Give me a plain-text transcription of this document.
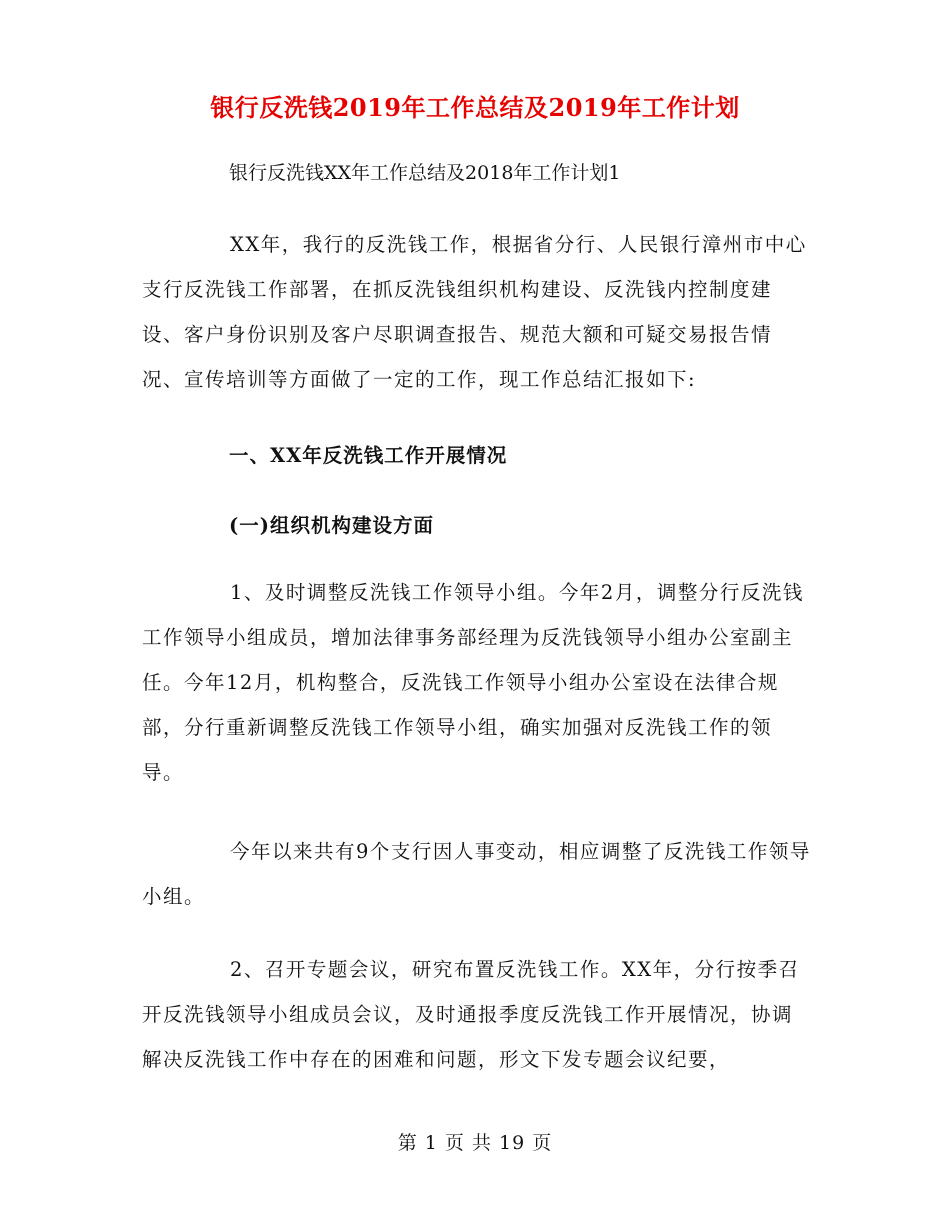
银行反洗钱2019年工作总结及2019年工作计划

银行反洗钱XX年工作总结及2018年工作计划1

XX年，我行的反洗钱工作，根据省分行、人民银行漳州市中心支行反洗钱工作部署，在抓反洗钱组织机构建设、反洗钱内控制度建设、客户身份识别及客户尽职调查报告、规范大额和可疑交易报告情况、宣传培训等方面做了一定的工作，现工作总结汇报如下:

一、XX年反洗钱工作开展情况

(一)组织机构建设方面

1、及时调整反洗钱工作领导小组。今年2月，调整分行反洗钱工作领导小组成员，增加法律事务部经理为反洗钱领导小组办公室副主任。今年12月，机构整合，反洗钱工作领导小组办公室设在法律合规部，分行重新调整反洗钱工作领导小组，确实加强对反洗钱工作的领导。

今年以来共有9个支行因人事变动，相应调整了反洗钱工作领导小组。

2、召开专题会议，研究布置反洗钱工作。XX年，分行按季召开反洗钱领导小组成员会议，及时通报季度反洗钱工作开展情况，协调解决反洗钱工作中存在的困难和问题，形文下发专题会议纪要，

第 1 页 共 19 页
